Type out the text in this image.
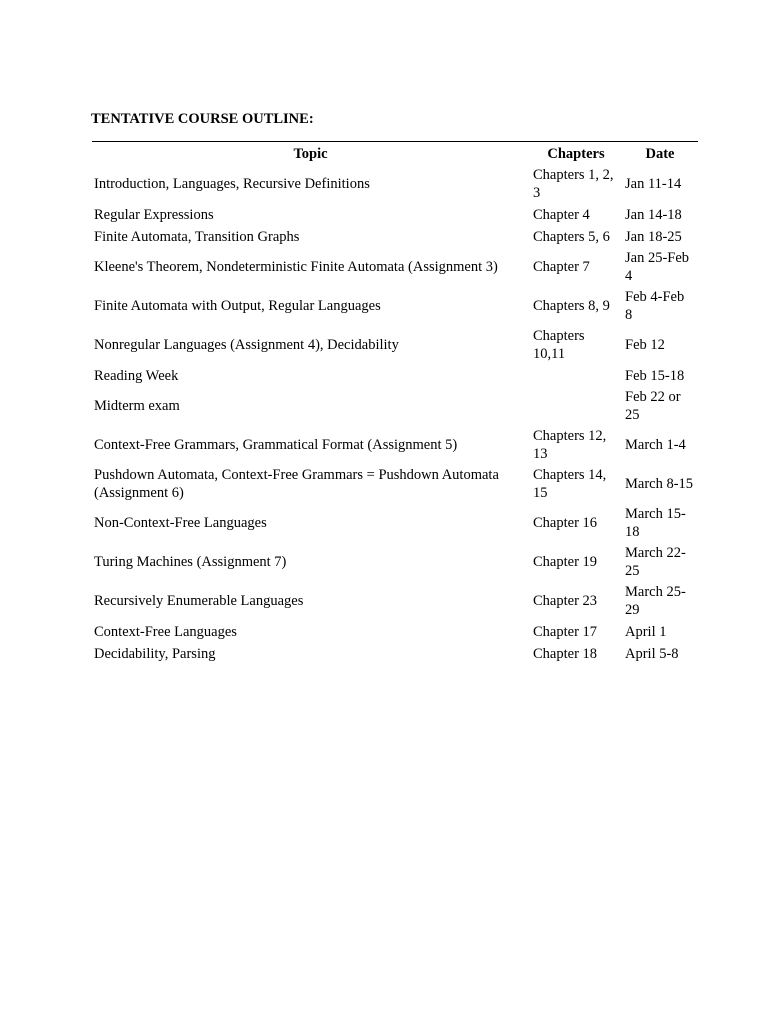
TENTATIVE COURSE OUTLINE:

Topic	Chapters	Date
Introduction, Languages, Recursive Definitions	Chapters 1, 2, 3	Jan 11-14
Regular Expressions	Chapter 4	Jan 14-18
Finite Automata, Transition Graphs	Chapters 5, 6	Jan 18-25
Kleene's Theorem, Nondeterministic Finite Automata (Assignment 3)	Chapter 7	Jan 25-Feb 4
Finite Automata with Output, Regular Languages	Chapters 8, 9	Feb 4-Feb 8
Nonregular Languages (Assignment 4), Decidability	Chapters 10,11	Feb 12
Reading Week		Feb 15-18
Midterm exam		Feb 22 or 25
Context-Free Grammars, Grammatical Format (Assignment 5)	Chapters 12, 13	March 1-4
Pushdown Automata, Context-Free Grammars = Pushdown Automata (Assignment 6)	Chapters 14, 15	March 8-15
Non-Context-Free Languages	Chapter 16	March 15-18
Turing Machines (Assignment 7)	Chapter 19	March 22-25
Recursively Enumerable Languages	Chapter 23	March 25-29
Context-Free Languages	Chapter 17	April 1
Decidability, Parsing	Chapter 18	April 5-8
